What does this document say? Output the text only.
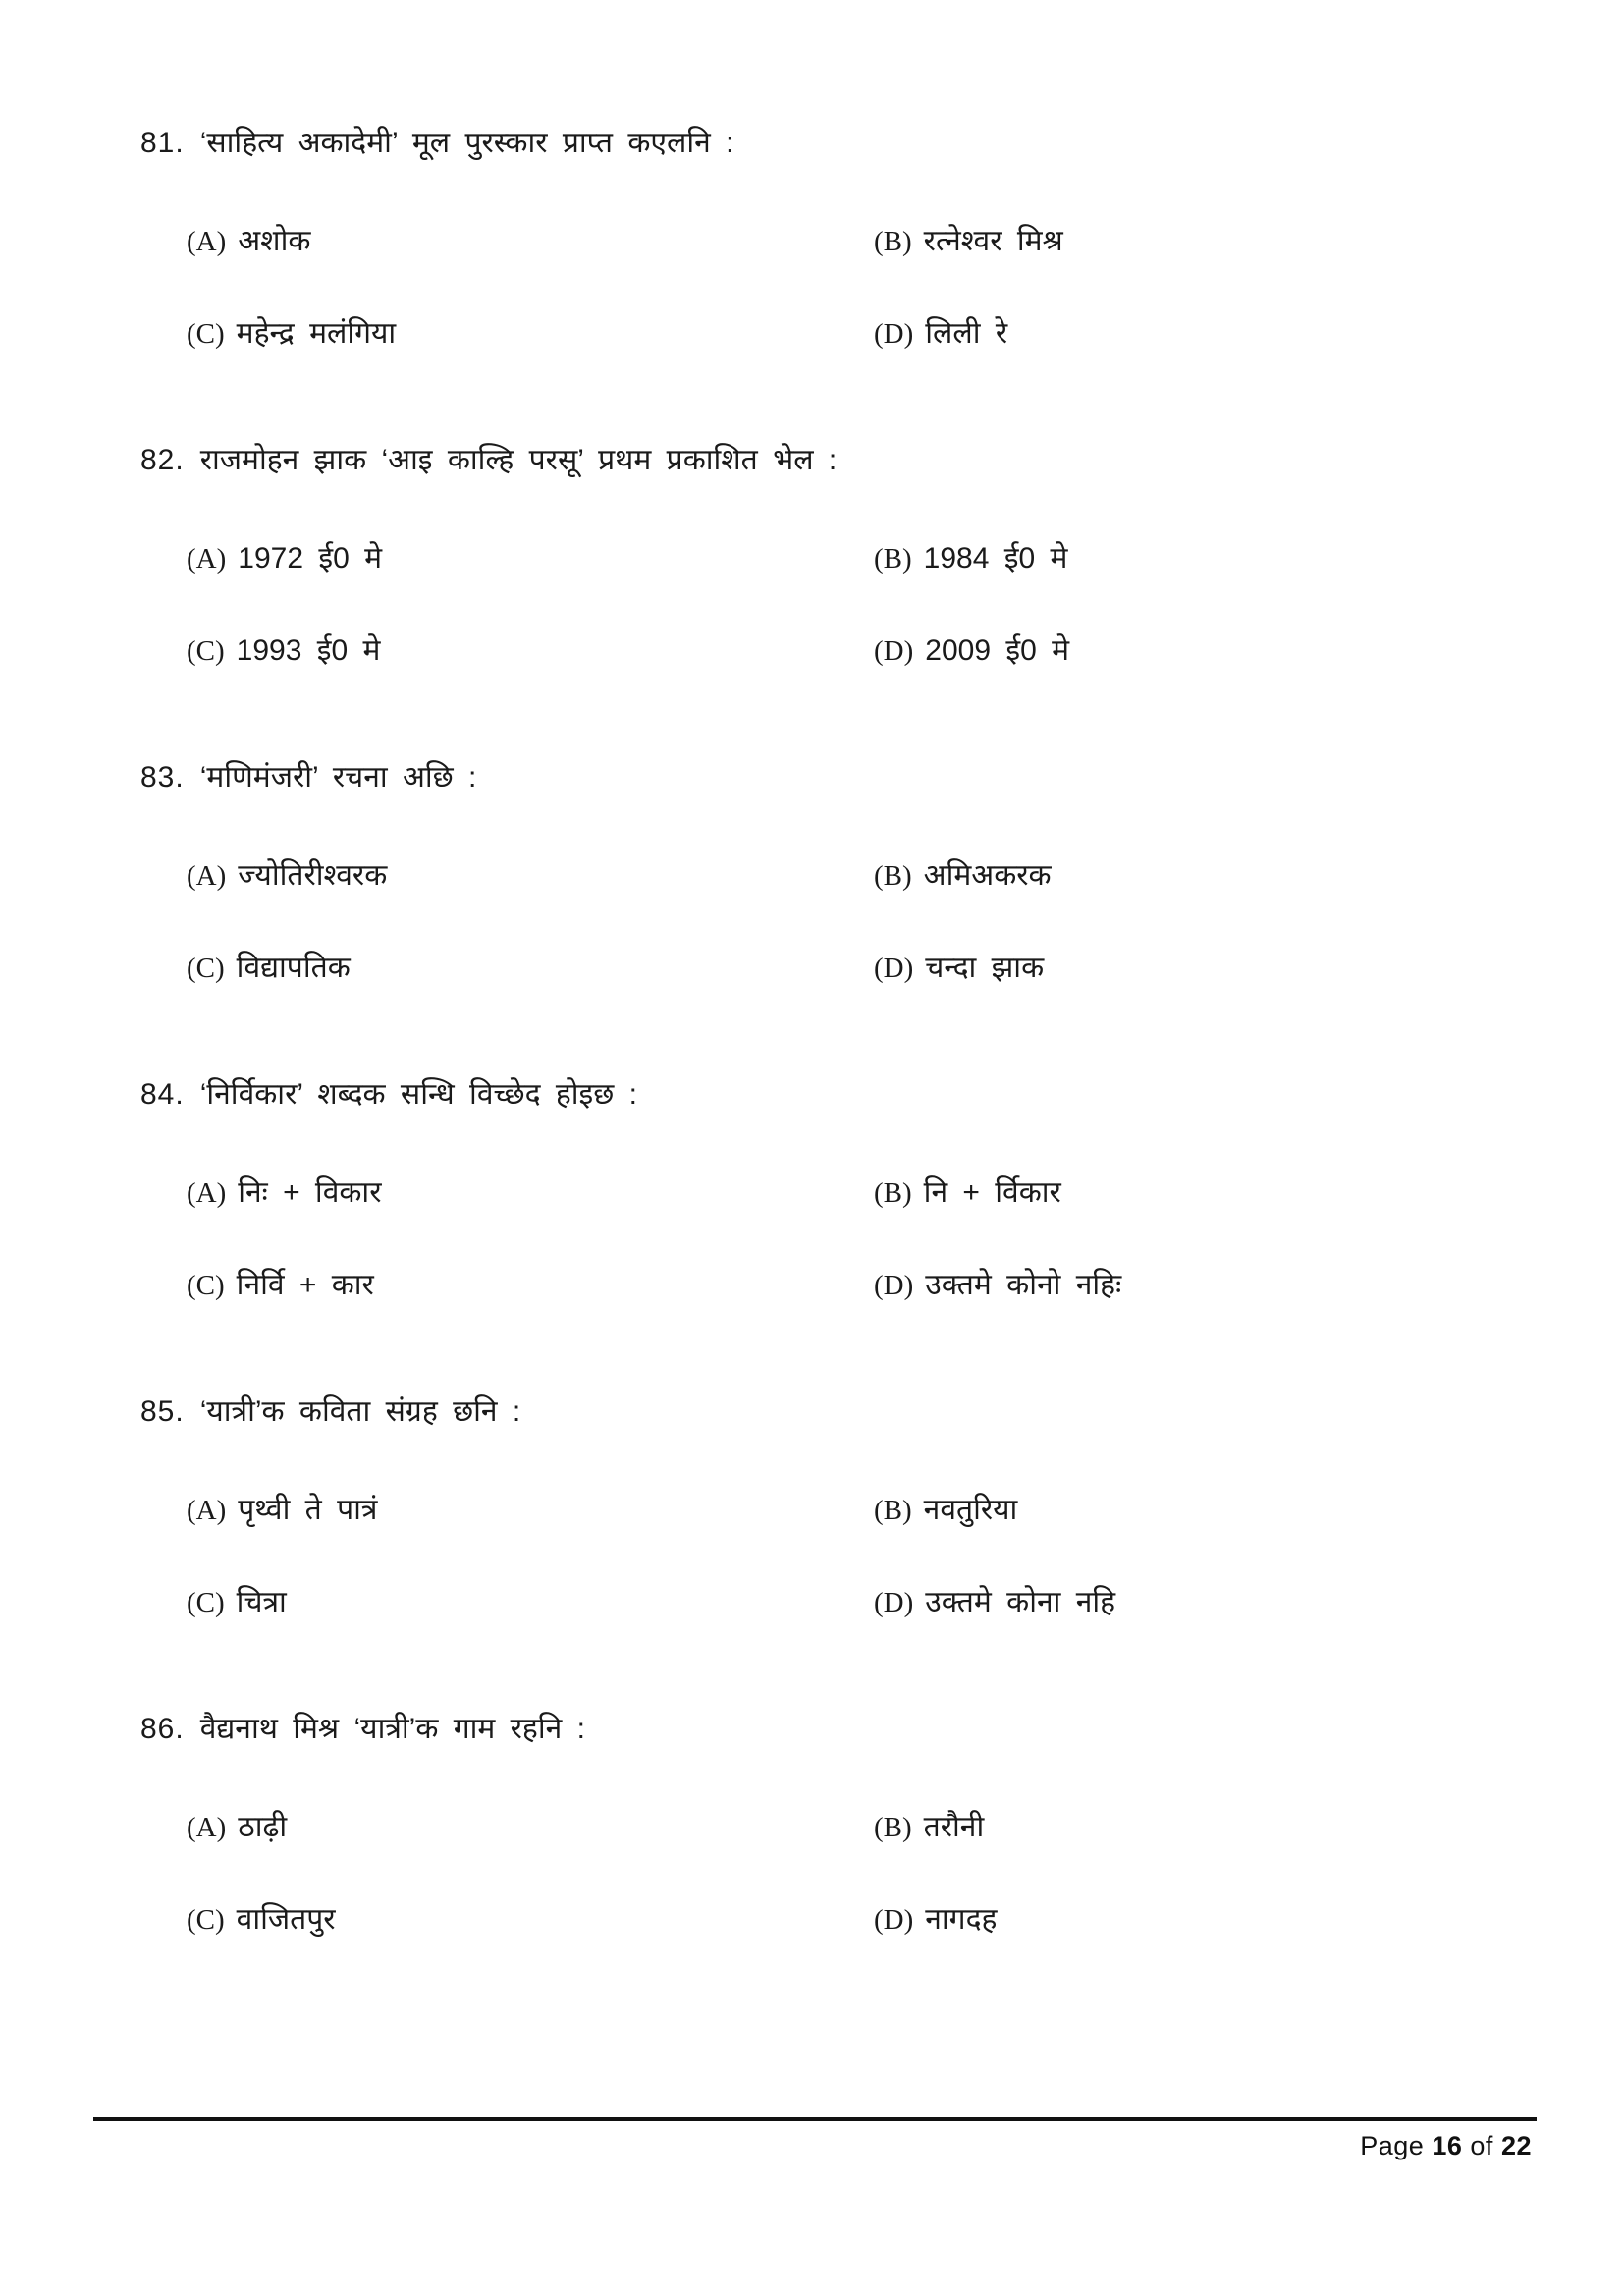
81. ‘साहित्य अकादेमी’ मूल पुरस्कार प्राप्त कएलनि :
(A) अशोक	(B) रत्नेश्वर मिश्र
(C) महेन्द्र मलंगिया	(D) लिली रे
82. राजमोहन झाक ‘आइ काल्हि परसू’ प्रथम प्रकाशित भेल :
(A) 1972 ई0 मे	(B) 1984 ई0 मे
(C) 1993 ई0 मे	(D) 2009 ई0 मे
83. ‘मणिमंजरी’ रचना अछि :
(A) ज्योतिरीश्वरक	(B) अमिअकरक
(C) विद्यापतिक	(D) चन्दा झाक
84. ‘निर्विकार’ शब्दक सन्धि विच्छेद होइछ :
(A) निः + विकार	(B) नि + र्विकार
(C) निर्वि + कार	(D) उक्तमे कोनो नहिः
85. ‘यात्री’क कविता संग्रह छनि :
(A) पृथ्वी ते पात्रं	(B) नवतुरिया
(C) चित्रा	(D) उक्तमे कोना नहि
86. वैद्यनाथ मिश्र ‘यात्री’क गाम रहनि :
(A) ठाढ़ी	(B) तरौनी
(C) वाजितपुर	(D) नागदह
Page 16 of 22
